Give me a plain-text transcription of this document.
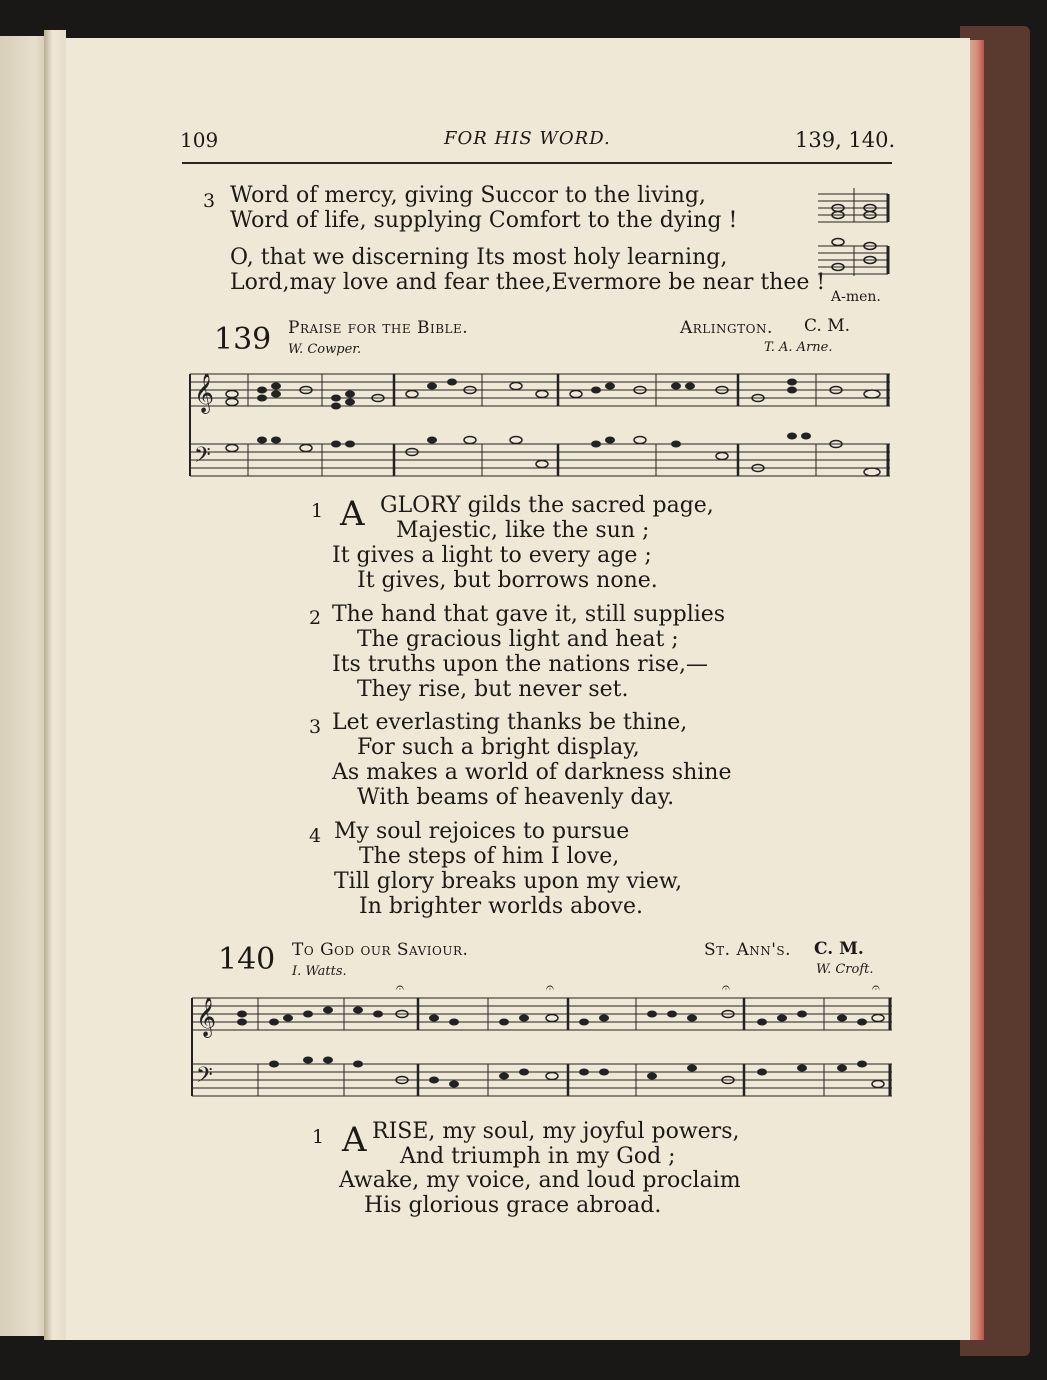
109	FOR HIS WORD.	139, 140.
3 Word of mercy, giving Succor to the living,
Word of life, supplying Comfort to the dying !
O, that we discerning Its most holy learning,
Lord,may love and fear thee,Evermore be near thee !
A-men.
139 Praise for the Bible.	Arlington. C. M.
W. Cowper.	T. A. Arne.
𝄞
𝄢
1 A GLORY gilds the sacred page,
Majestic, like the sun ;
It gives a light to every age ;
It gives, but borrows none.
2 The hand that gave it, still supplies
The gracious light and heat ;
Its truths upon the nations rise,—
They rise, but never set.
3 Let everlasting thanks be thine,
For such a bright display,
As makes a world of darkness shine
With beams of heavenly day.
4 My soul rejoices to pursue
The steps of him I love,
Till glory breaks upon my view,
In brighter worlds above.
140 To God our Saviour.	St. Ann's. C. M.
I. Watts.	W. Croft.
𝄞
𝄢
𝄐	𝄐	𝄐	𝄐
1 A RISE, my soul, my joyful powers,
And triumph in my God ;
Awake, my voice, and loud proclaim
His glorious grace abroad.
